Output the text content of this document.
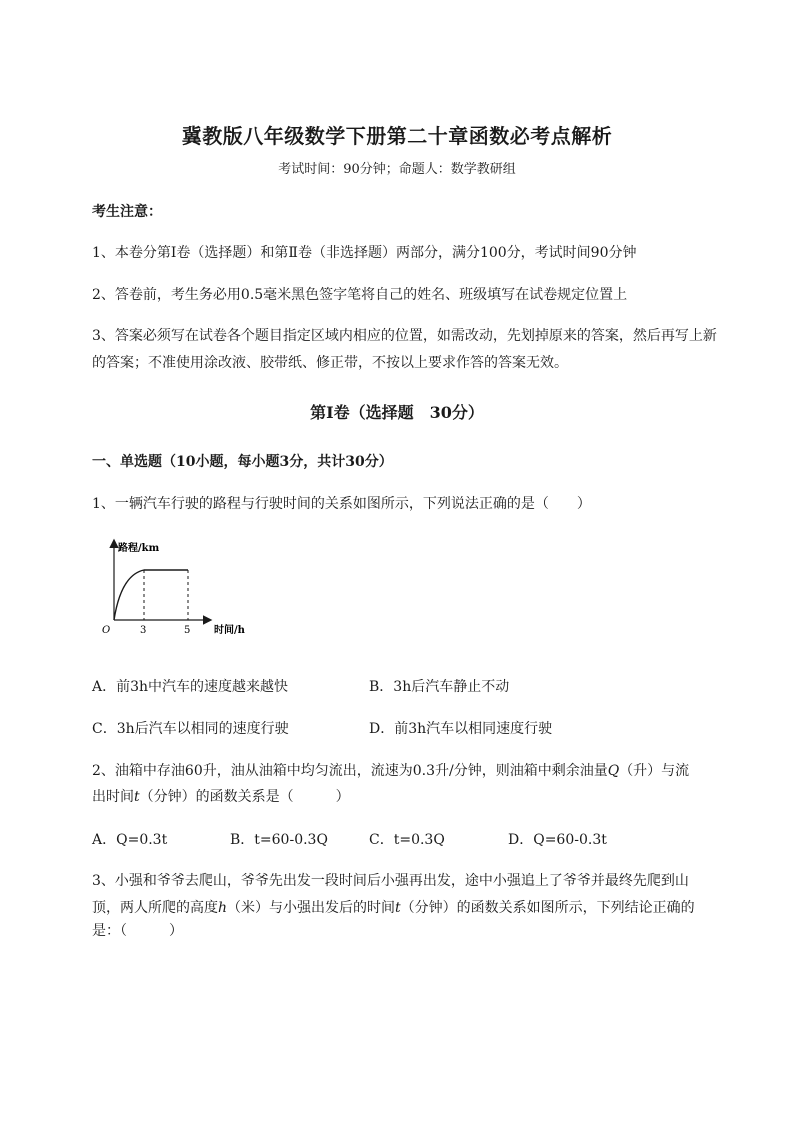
冀教版八年级数学下册第二十章函数必考点解析
考试时间：90分钟；命题人：数学教研组
考生注意：
1、本卷分第I卷（选择题）和第Ⅱ卷（非选择题）两部分，满分100分，考试时间90分钟
2、答卷前，考生务必用0.5毫米黑色签字笔将自己的姓名、班级填写在试卷规定位置上
3、答案必须写在试卷各个题目指定区域内相应的位置，如需改动，先划掉原来的答案，然后再写上新
的答案；不准使用涂改液、胶带纸、修正带，不按以上要求作答的答案无效。
第I卷（选择题　30分）
一、单选题（10小题，每小题3分，共计30分）
1、一辆汽车行驶的路程与行驶时间的关系如图所示，下列说法正确的是（　　）
路程/km
时间/h
O	3	5
A．前3h中汽车的速度越来越快	B．3h后汽车静止不动
C．3h后汽车以相同的速度行驶	D．前3h汽车以相同速度行驶
2、油箱中存油60升，油从油箱中均匀流出，流速为0.3升/分钟，则油箱中剩余油量Q（升）与流
出时间t（分钟）的函数关系是（　　　）
A．Q=0.3t	B．t=60-0.3Q	C．t=0.3Q	D．Q=60-0.3t
3、小强和爷爷去爬山，爷爷先出发一段时间后小强再出发，途中小强追上了爷爷并最终先爬到山
顶，两人所爬的高度h（米）与小强出发后的时间t（分钟）的函数关系如图所示，下列结论正确的
是：（　　　）
